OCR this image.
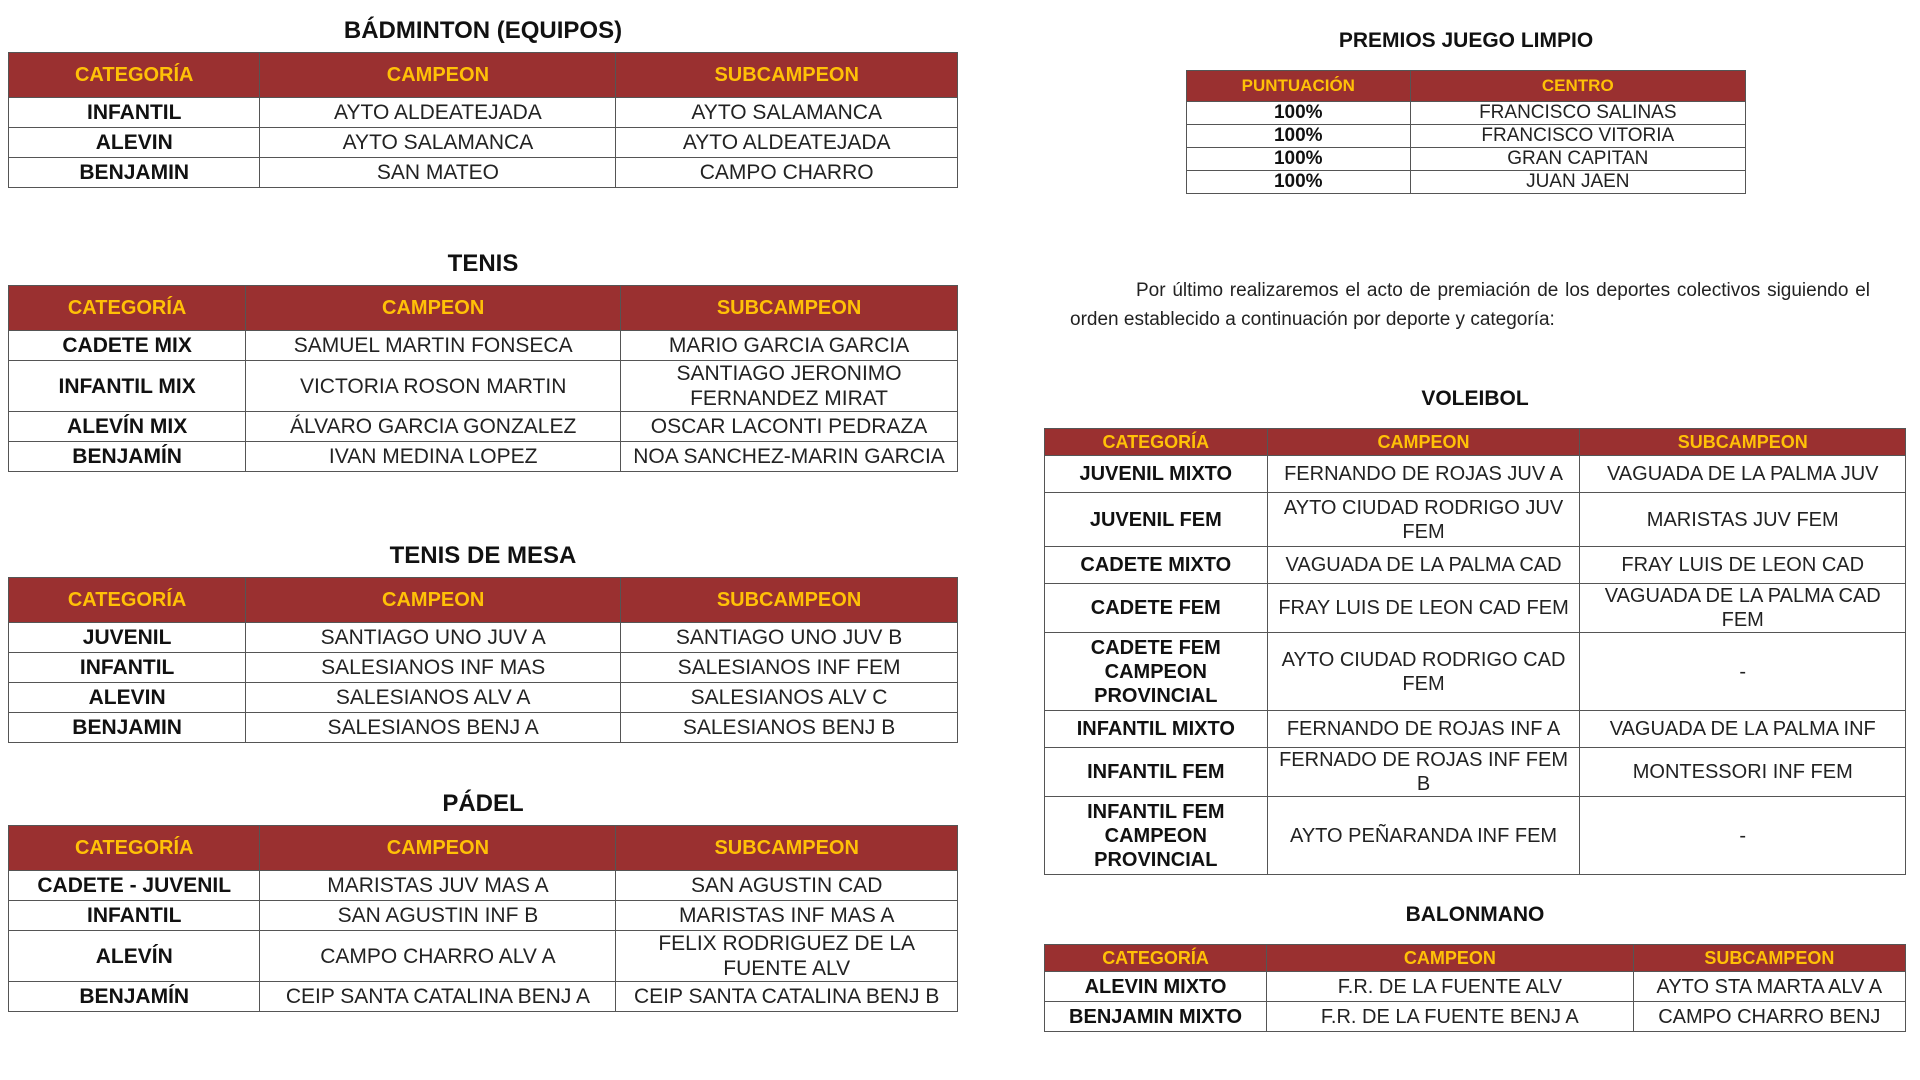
BÁDMINTON (EQUIPOS)
CATEGORÍA	CAMPEON	SUBCAMPEON
INFANTIL	AYTO ALDEATEJADA	AYTO SALAMANCA
ALEVIN	AYTO SALAMANCA	AYTO ALDEATEJADA
BENJAMIN	SAN MATEO	CAMPO CHARRO
TENIS
CATEGORÍA	CAMPEON	SUBCAMPEON
CADETE MIX	SAMUEL MARTIN FONSECA	MARIO GARCIA GARCIA
INFANTIL MIX	VICTORIA ROSON MARTIN	SANTIAGO JERONIMO FERNANDEZ MIRAT
ALEVÍN MIX	ÁLVARO GARCIA GONZALEZ	OSCAR LACONTI PEDRAZA
BENJAMÍN	IVAN MEDINA LOPEZ	NOA SANCHEZ-MARIN GARCIA
TENIS DE MESA
CATEGORÍA	CAMPEON	SUBCAMPEON
JUVENIL	SANTIAGO UNO JUV A	SANTIAGO UNO JUV B
INFANTIL	SALESIANOS INF MAS	SALESIANOS INF FEM
ALEVIN	SALESIANOS ALV A	SALESIANOS ALV C
BENJAMIN	SALESIANOS BENJ A	SALESIANOS BENJ B
PÁDEL
CATEGORÍA	CAMPEON	SUBCAMPEON
CADETE - JUVENIL	MARISTAS JUV MAS A	SAN AGUSTIN CAD
INFANTIL	SAN AGUSTIN INF B	MARISTAS INF MAS A
ALEVÍN	CAMPO CHARRO ALV A	FELIX RODRIGUEZ DE LA FUENTE ALV
BENJAMÍN	CEIP SANTA CATALINA BENJ A	CEIP SANTA CATALINA BENJ B
PREMIOS JUEGO LIMPIO
PUNTUACIÓN	CENTRO
100%	FRANCISCO SALINAS
100%	FRANCISCO VITORIA
100%	GRAN CAPITAN
100%	JUAN JAEN

Por último realizaremos el acto de premiación de los deportes colectivos siguiendo el orden establecido a continuación por deporte y categoría:

VOLEIBOL
CATEGORÍA	CAMPEON	SUBCAMPEON
JUVENIL MIXTO	FERNANDO DE ROJAS JUV A	VAGUADA DE LA PALMA JUV
JUVENIL FEM	AYTO CIUDAD RODRIGO JUV FEM	MARISTAS JUV FEM
CADETE MIXTO	VAGUADA DE LA PALMA CAD	FRAY LUIS DE LEON CAD
CADETE FEM	FRAY LUIS DE LEON CAD FEM	VAGUADA DE LA PALMA CAD FEM
CADETE FEM CAMPEON PROVINCIAL	AYTO CIUDAD RODRIGO CAD FEM	-
INFANTIL MIXTO	FERNANDO DE ROJAS INF A	VAGUADA DE LA PALMA INF
INFANTIL FEM	FERNADO DE ROJAS INF FEM B	MONTESSORI INF FEM
INFANTIL FEM CAMPEON PROVINCIAL	AYTO PEÑARANDA INF FEM	-
BALONMANO
CATEGORÍA	CAMPEON	SUBCAMPEON
ALEVIN MIXTO	F.R. DE LA FUENTE ALV	AYTO STA MARTA ALV A
BENJAMIN MIXTO	F.R. DE LA FUENTE BENJ A	CAMPO CHARRO BENJ
